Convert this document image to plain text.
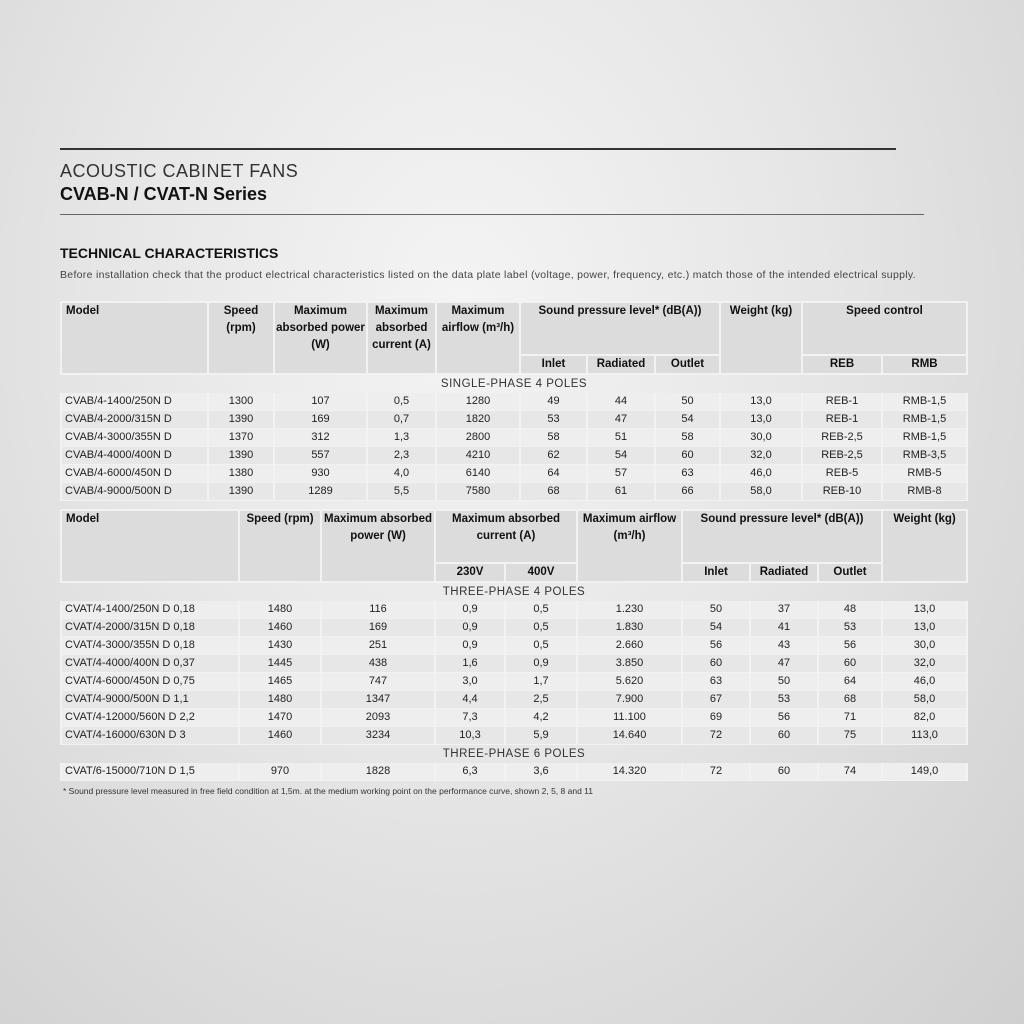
ACOUSTIC CABINET FANS
CVAB-N / CVAT-N Series
TECHNICAL CHARACTERISTICS
Before installation check that the product electrical characteristics listed on the data plate label (voltage, power, frequency, etc.) match those of the intended electrical supply.
Model	Speed (rpm)	Maximum absorbed power (W)	Maximum absorbed current (A)	Maximum airflow (m³/h)	Sound pressure level* (dB(A))			Weight (kg)	Speed control	
					Inlet	Radiated	Outlet		REB	RMB
SINGLE-PHASE 4 POLES										
CVAB/4-1400/250N D	1300	107	0,5	1280	49	44	50	13,0	REB-1	RMB-1,5
CVAB/4-2000/315N D	1390	169	0,7	1820	53	47	54	13,0	REB-1	RMB-1,5
CVAB/4-3000/355N D	1370	312	1,3	2800	58	51	58	30,0	REB-2,5	RMB-1,5
CVAB/4-4000/400N D	1390	557	2,3	4210	62	54	60	32,0	REB-2,5	RMB-3,5
CVAB/4-6000/450N D	1380	930	4,0	6140	64	57	63	46,0	REB-5	RMB-5
CVAB/4-9000/500N D	1390	1289	5,5	7580	68	61	66	58,0	REB-10	RMB-8
Model	Speed (rpm)	Maximum absorbed power (W)	Maximum absorbed current (A)		Maximum airflow (m³/h)	Sound pressure level* (dB(A))			Weight (kg)
			230V	400V		Inlet	Radiated	Outlet	
THREE-PHASE 4 POLES									
CVAT/4-1400/250N D 0,18	1480	116	0,9	0,5	1.230	50	37	48	13,0
CVAT/4-2000/315N D 0,18	1460	169	0,9	0,5	1.830	54	41	53	13,0
CVAT/4-3000/355N D 0,18	1430	251	0,9	0,5	2.660	56	43	56	30,0
CVAT/4-4000/400N D 0,37	1445	438	1,6	0,9	3.850	60	47	60	32,0
CVAT/4-6000/450N D 0,75	1465	747	3,0	1,7	5.620	63	50	64	46,0
CVAT/4-9000/500N D 1,1	1480	1347	4,4	2,5	7.900	67	53	68	58,0
CVAT/4-12000/560N D 2,2	1470	2093	7,3	4,2	11.100	69	56	71	82,0
CVAT/4-16000/630N D 3	1460	3234	10,3	5,9	14.640	72	60	75	113,0
THREE-PHASE 6 POLES									
CVAT/6-15000/710N D 1,5	970	1828	6,3	3,6	14.320	72	60	74	149,0
* Sound pressure level measured in free field condition at 1,5m. at the medium working point on the performance curve, shown 2, 5, 8 and 11
